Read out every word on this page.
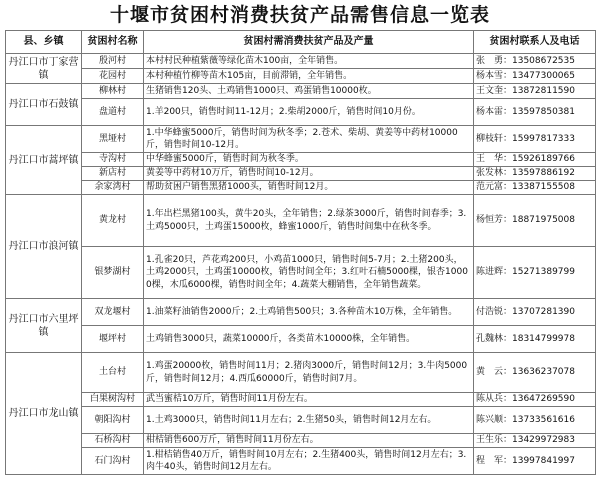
十堰市贫困村消费扶贫产品需售信息一览表
县、乡镇	贫困村名称	贫困村需消费扶贫产品及产量	贫困村联系人及电话
丹江口市丁家营镇	殷河村	本村村民种植紫薇等绿化苗木100亩，全年销售。	张　勇：13508672535
	花园村	本村种植竹柳等苗木105亩，目前滞销，全年销售。	杨本雪：13477300065
丹江口市石鼓镇	柳林村	生猪销售120头、土鸡销售1000只、鸡蛋销售10000枚。	王文奎：13872811590
	盘道村	1.羊200只，销售时间11-12月；2.柴胡2000斤，销售时间10月份。	杨本雷：13597850381
丹江口市蒿坪镇	黑垭村	1.中华蜂蜜5000斤，销售时间为秋冬季；2.苍术、柴胡、黄姜等中药材10000斤，销售时间10-12月。	柳枝轩：15997817333
	寺沟村	中华蜂蜜5000斤，销售时间为秋冬季。	王　华：15926189766
	新店村	黄姜等中药材10万斤，销售时间10-12月。	张发林：13597886192
	余家湾村	帮助贫困户销售黑猪1000头，销售时间12月。	范元富：13387155508
丹江口市浪河镇	黄龙村	1.年出栏黑猪100头，黄牛20头，全年销售；2.绿茶3000斤，销售时间春季；3.土鸡5000只，土鸡蛋15000枚，蜂蜜1000斤，销售时间集中在秋冬季。	杨恒芳：18871975008
	银梦湖村	1.孔雀20只，芦花鸡200只，小鸡苗1000只，销售时间5-7月；2.土猪200头，土鸡2000只，土鸡蛋10000枚，销售时间全年；3.红叶石楠5000棵，银杏10000棵，木瓜6000棵，销售时间全年；4.蔬菜大棚销售，全年销售蔬菜。	陈进辉：15271389799
丹江口市六里坪镇	双龙堰村	1.油菜籽油销售2000斤；2.土鸡销售500只；3.各种苗木10万株，全年销售。	付浩锐：13707281390
	堰坪村	土鸡销售3000只，蔬菜10000斤，各类苗木10000株，全年销售。	孔魏林：18314799978
丹江口市龙山镇	土台村	1.鸡蛋20000枚，销售时间11月；2.猪肉3000斤，销售时间12月；3.牛肉5000斤，销售时间12月；4.西瓜60000斤，销售时间7月。	黄　云：13636237078
	白果树沟村	武当蜜桔10万斤，销售时间11月份左右。	陈从兵：13647269590
	朝阳沟村	1.土鸡3000只，销售时间11月左右；2.生猪50头，销售时间12月左右。	陈兴顺：13733561616
	石桥沟村	柑桔销售600万斤，销售时间11月份左右。	王生乐：13429972983
	石门沟村	1.柑桔销售40万斤，销售时间10月左右；2.生猪400头，销售时间12月左右；3.肉牛40头，销售时间12月左右。	程　军：13997841997
